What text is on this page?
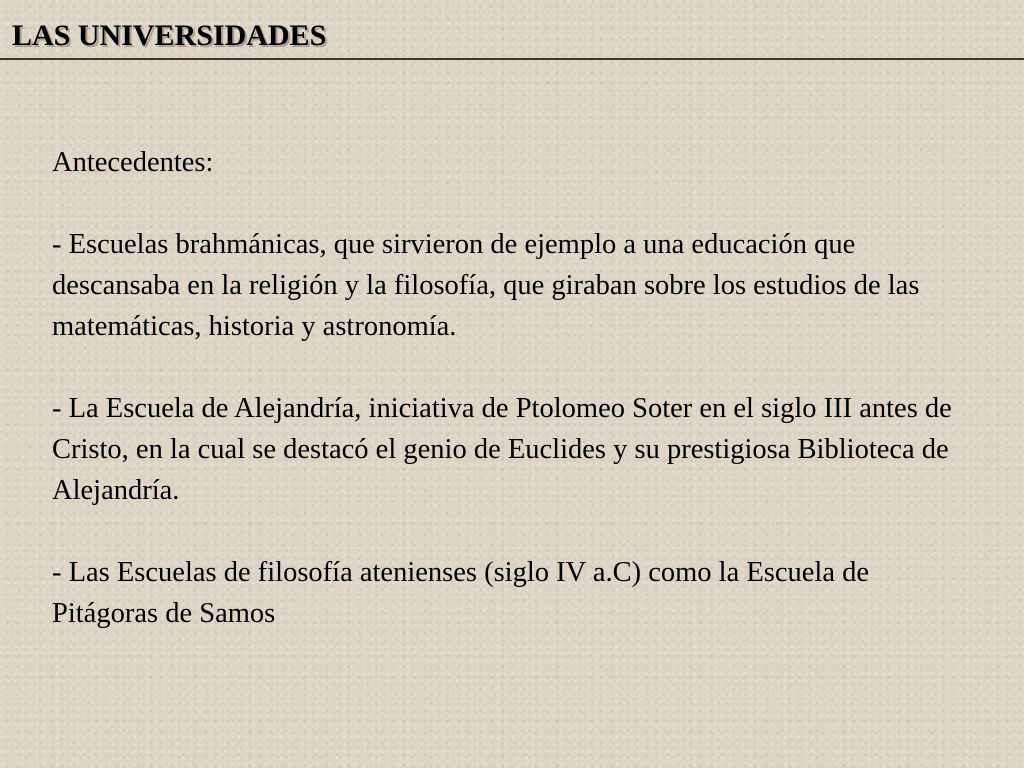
LAS UNIVERSIDADES

Antecedentes:

- Escuelas brahmánicas, que sirvieron de ejemplo a una educación que descansaba en la religión y la filosofía, que giraban sobre los estudios de las matemáticas, historia y astronomía.

- La Escuela de Alejandría, iniciativa de Ptolomeo Soter en el siglo III antes de Cristo, en la cual se destacó el genio de Euclides y su prestigiosa Biblioteca de Alejandría.

- Las Escuelas de filosofía atenienses (siglo IV a.C) como la Escuela de Pitágoras de Samos
